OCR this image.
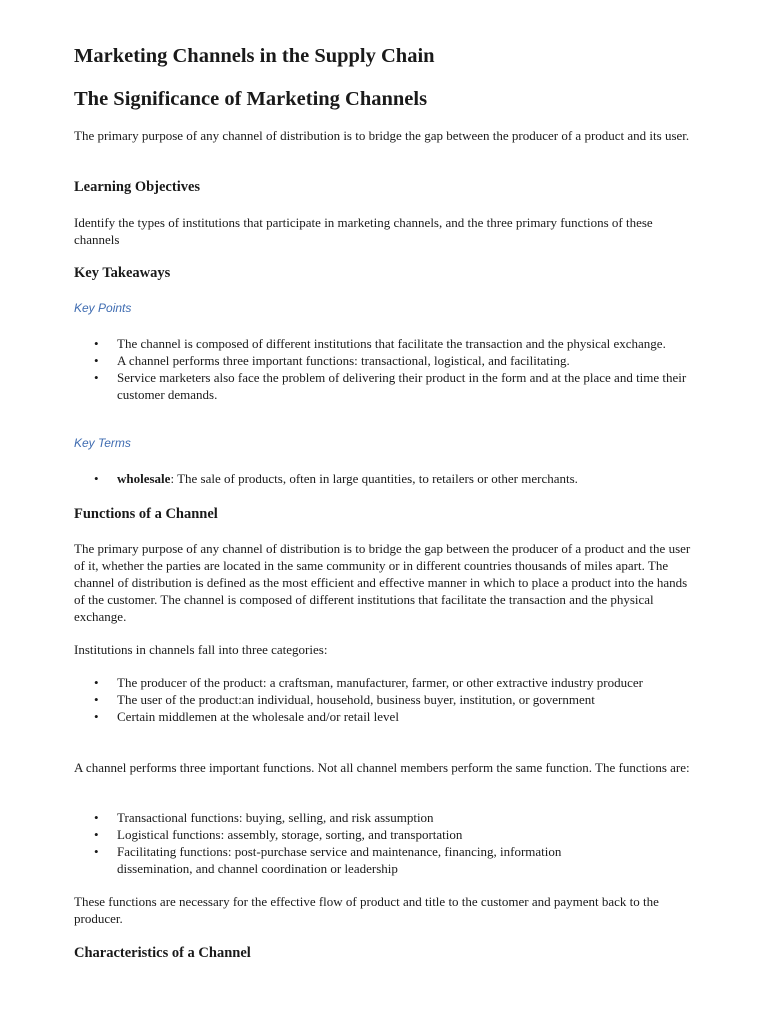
Marketing Channels in the Supply Chain
The Significance of Marketing Channels

The primary purpose of any channel of distribution is to bridge the gap between the producer of a product and its user.

Learning Objectives

Identify the types of institutions that participate in marketing channels, and the three primary functions of these channels

Key Takeaways
Key Points
• The channel is composed of different institutions that facilitate the transaction and the physical exchange.
• A channel performs three important functions: transactional, logistical, and facilitating.
• Service marketers also face the problem of delivering their product in the form and at the place and time their customer demands.
Key Terms
• wholesale: The sale of products, often in large quantities, to retailers or other merchants.
Functions of a Channel

The primary purpose of any channel of distribution is to bridge the gap between the producer of a product and the user of it, whether the parties are located in the same community or in different countries thousands of miles apart. The channel of distribution is defined as the most efficient and effective manner in which to place a product into the hands of the customer. The channel is composed of different institutions that facilitate the transaction and the physical exchange.

Institutions in channels fall into three categories:

• The producer of the product: a craftsman, manufacturer, farmer, or other extractive industry producer
• The user of the product:an individual, household, business buyer, institution, or government
• Certain middlemen at the wholesale and/or retail level

A channel performs three important functions. Not all channel members perform the same function. The functions are:

• Transactional functions: buying, selling, and risk assumption
• Logistical functions: assembly, storage, sorting, and transportation
• Facilitating functions: post-purchase service and maintenance, financing, information dissemination, and channel coordination or leadership

These functions are necessary for the effective flow of product and title to the customer and payment back to the producer.

Characteristics of a Channel
